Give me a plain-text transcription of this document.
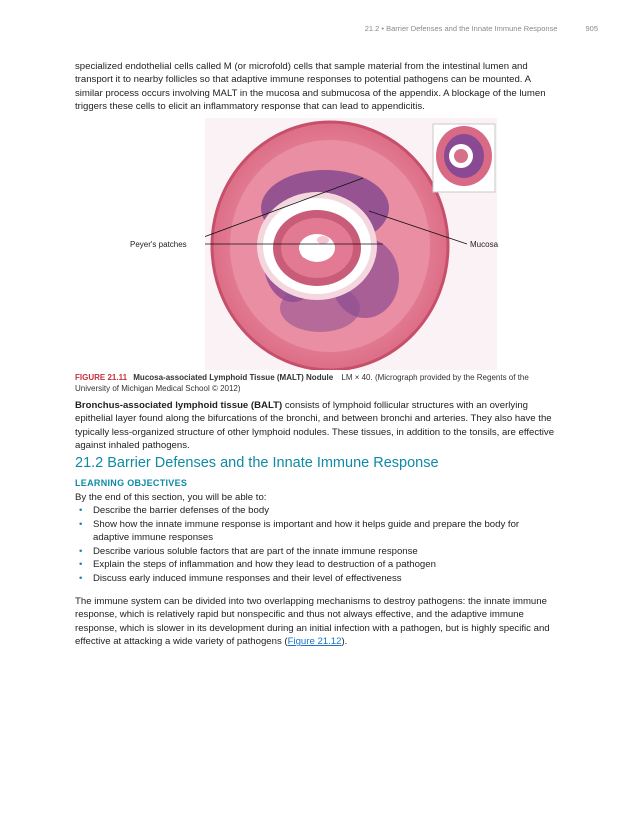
21.2 • Barrier Defenses and the Innate Immune Response	905

specialized endothelial cells called M (or microfold) cells that sample material from the intestinal lumen and transport it to nearby follicles so that adaptive immune responses to potential pathogens can be mounted. A similar process occurs involving MALT in the mucosa and submucosa of the appendix. A blockage of the lumen triggers these cells to elicit an inflammatory response that can lead to appendicitis.

Peyer's patches	Mucosa
FIGURE 21.11 Mucosa-associated Lymphoid Tissue (MALT) Nodule LM × 40. (Micrograph provided by the Regents of the University of Michigan Medical School © 2012)

Bronchus-associated lymphoid tissue (BALT) consists of lymphoid follicular structures with an overlying epithelial layer found along the bifurcations of the bronchi, and between bronchi and arteries. They also have the typically less-organized structure of other lymphoid nodules. These tissues, in addition to the tonsils, are effective against inhaled pathogens.

21.2 Barrier Defenses and the Innate Immune Response
LEARNING OBJECTIVES

By the end of this section, you will be able to:

• Describe the barrier defenses of the body
• Show how the innate immune response is important and how it helps guide and prepare the body for adaptive immune responses
• Describe various soluble factors that are part of the innate immune response
• Explain the steps of inflammation and how they lead to destruction of a pathogen
• Discuss early induced immune responses and their level of effectiveness

The immune system can be divided into two overlapping mechanisms to destroy pathogens: the innate immune response, which is relatively rapid but nonspecific and thus not always effective, and the adaptive immune response, which is slower in its development during an initial infection with a pathogen, but is highly specific and effective at attacking a wide variety of pathogens (Figure 21.12).
